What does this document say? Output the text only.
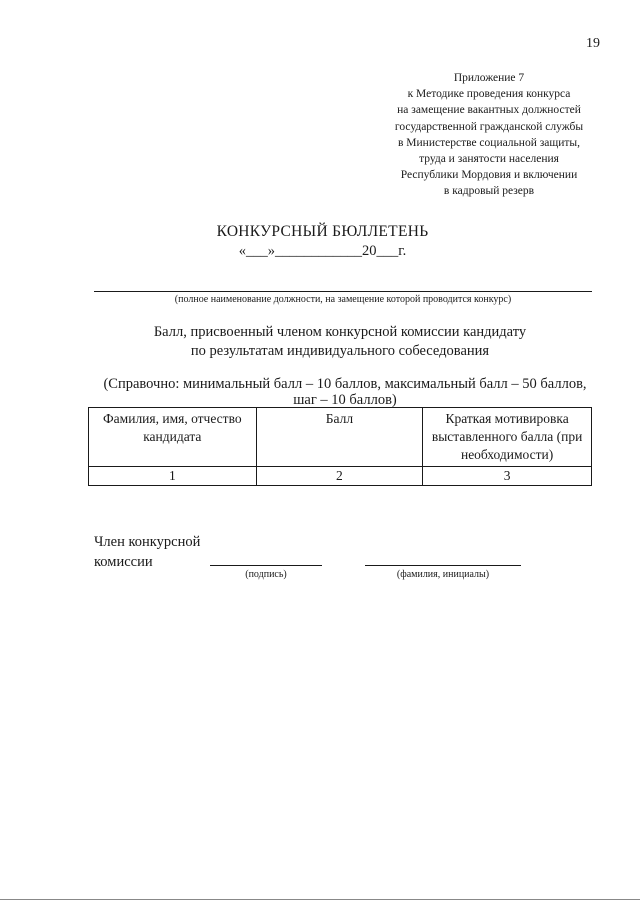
19
Приложение 7
к Методике проведения конкурса
на замещение вакантных должностей
государственной гражданской службы
в Министерстве социальной защиты,
труда и занятости населения
Республики Мордовия и включении
в кадровый резерв
КОНКУРСНЫЙ БЮЛЛЕТЕНЬ
«___»____________20___г.
(полное наименование должности, на замещение которой проводится конкурс)
Балл, присвоенный членом конкурсной комиссии кандидату
по результатам индивидуального собеседования
(Справочно: минимальный балл – 10 баллов, максимальный балл – 50 баллов,
шаг – 10 баллов)
Фамилия, имя, отчество кандидата	Балл	Краткая мотивировка выставленного балла (при необходимости)
1	2	3
Член конкурсной комиссии
(подпись)	(фамилия, инициалы)
